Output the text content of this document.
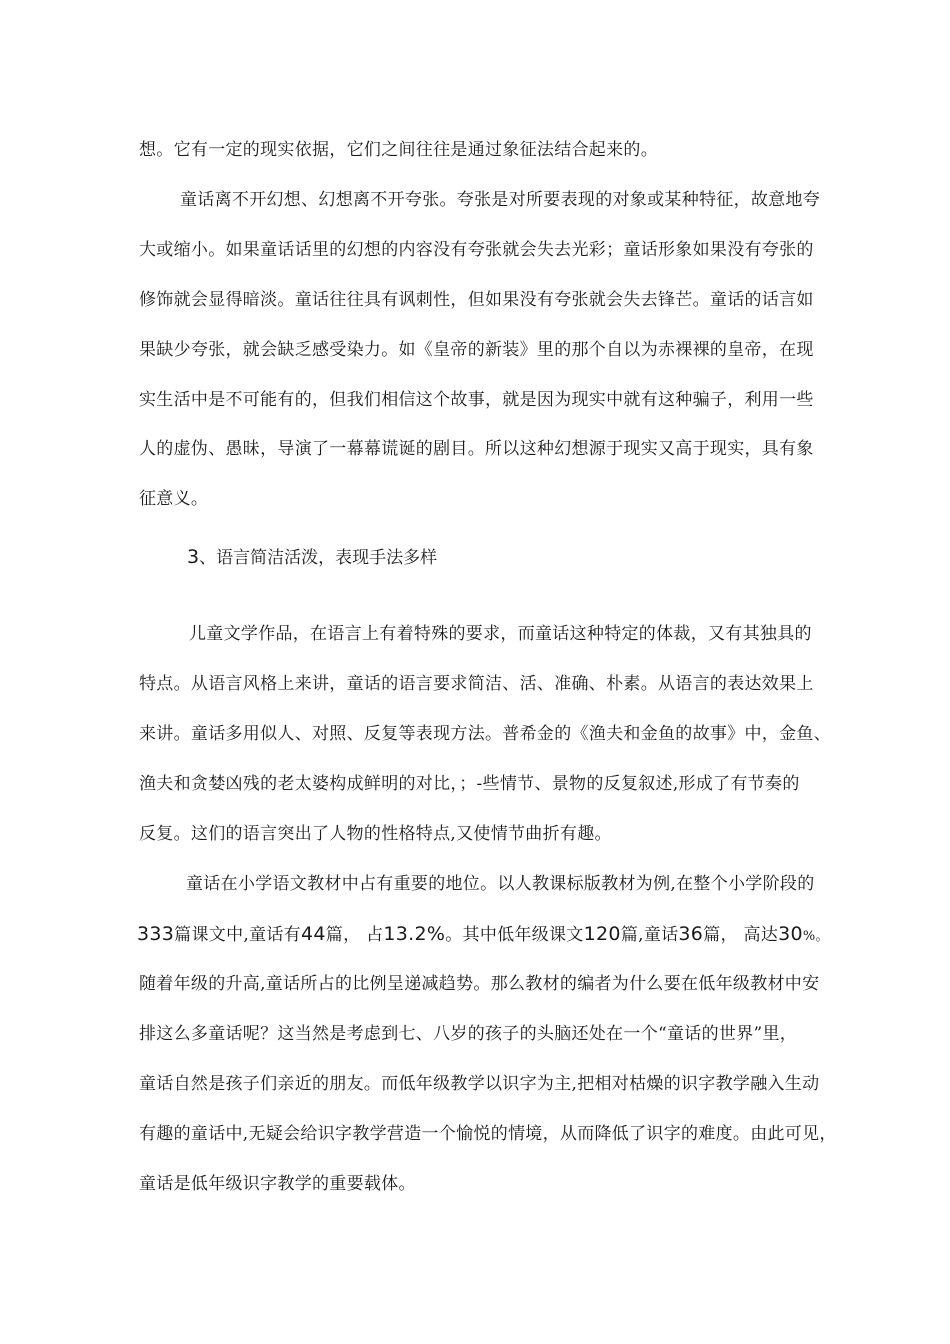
想。它有一定的现实依据，它们之间往往是通过象征法结合起来的。
童话离不开幻想、幻想离不开夸张。夸张是对所要表现的对象或某种特征，故意地夸
大或缩小。如果童话话里的幻想的内容没有夸张就会失去光彩；童话形象如果没有夸张的
修饰就会显得暗淡。童话往往具有讽刺性，但如果没有夸张就会失去锋芒。童话的话言如
果缺少夸张，就会缺乏感受染力。如《皇帝的新装》里的那个自以为赤裸裸的皇帝，在现
实生活中是不可能有的，但我们相信这个故事，就是因为现实中就有这种骗子，利用一些
人的虚伪、愚昧，导演了一幕幕谎诞的剧目。所以这种幻想源于现实又高于现实，具有象
征意义。
3、语言简洁活泼，表现手法多样
儿童文学作品，在语言上有着特殊的要求，而童话这种特定的体裁，又有其独具的
特点。从语言风格上来讲，童话的语言要求简洁、活、准确、朴素。从语言的表达效果上
来讲。童话多用似人、对照、反复等表现方法。普希金的《渔夫和金鱼的故事》中，金鱼、
渔夫和贪婪凶残的老太婆构成鲜明的对比，；-些情节、景物的反复叙述,形成了有节奏的
反复。这们的语言突出了人物的性格特点,又使情节曲折有趣。
童话在小学语文教材中占有重要的地位。以人教课标版教材为例,在整个小学阶段的
333篇课文中,童话有44篇， 占13.2%。其中低年级课文120篇,童话36篇， 高达30%。
随着年级的升高,童话所占的比例呈递减趋势。那么教材的编者为什么要在低年级教材中安
排这么多童话呢？这当然是考虑到七、八岁的孩子的头脑还处在一个“童话的世界”里，
童话自然是孩子们亲近的朋友。而低年级教学以识字为主,把相对枯燥的识字教学融入生动
有趣的童话中,无疑会给识字教学营造一个愉悦的情境，从而降低了识字的难度。由此可见，
童话是低年级识字教学的重要载体。
